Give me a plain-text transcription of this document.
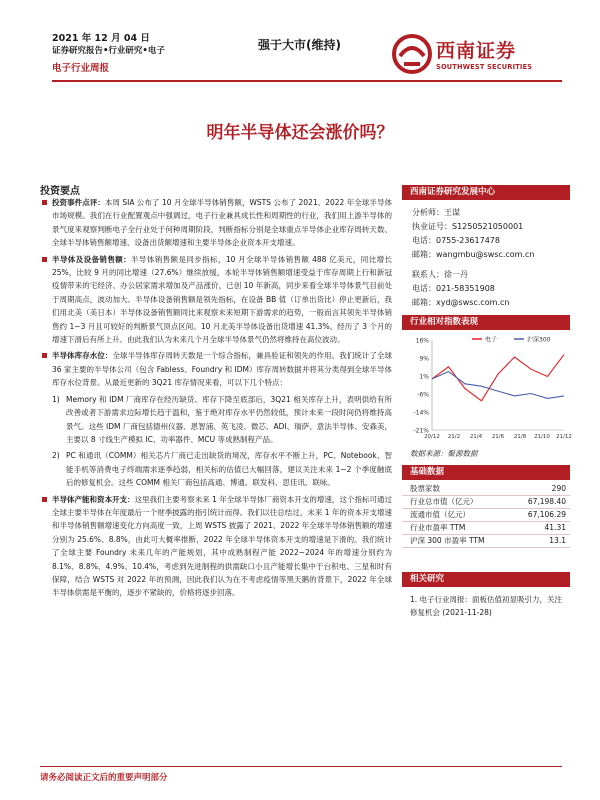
2021 年 12 月 04 日
证券研究报告•行业研究•电子
电子行业周报
强于大市(维持)	西南证券
SOUTHWEST SECURITIES
明年半导体还会涨价吗？
投资要点
投资事件点评：本周 SIA 公布了 10 月全球半导体销售额，WSTS 公布了 2021、2022 年全球半导体市场规模。我们在行业配置观点中强调过，电子行业兼具成长性和周期性的行业，我们用上游半导体的景气度来观察判断电子全行业处于何种周期阶段，判断指标分别是全球重点半导体企业库存周转天数、全球半导体销售额增速、设备出货额增速和主要半导体企业资本开支增速。
半导体及设备销售额：半导体销售额是同步指标，10 月全球半导体销售额 488 亿美元，同比增长 25%，比较 9 月的同比增速（27.6%）继续放缓，本轮半导体销售额增速受益于库存周期上行和新冠疫情带来的宅经济、办公居家需求增加及产品涨价，已创 10 年新高，同步来看全球半导体景气目前处于周期高点，波动加大。半导体设备销售额是领先指标，在设备 BB 值（订单出货比）停止更新后，我们用北美（美日本）半导体设备销售额同比来观察未来短期下游需求的趋势，一般而言其领先半导体销售约 1~3 月且可较好的判断景气顶点区间。10 月北美半导体设备出货增速 41.3%。经历了 3 个月的增速下滑后有所上升。由此我们认为未来几个月全球半导体景气仍然将维持在高位波动。
半导体库存水位：全球半导体库存周转天数是一个综合指标，兼具验证和领先的作用。我们统计了全球 36 家主要的半导体公司（包含 Fabless、Foundry 和 IDM）库存周转数据并将其分类得到全球半导体库存水位背景。从最近更新的 3Q21 库存情况来看，可以下几个特点：
1) Memory 和 IDM 厂商库存在经历缺货、库存下降至底部后，3Q21 相关库存上升，表明供给有所改善或者下游需求边际增长趋于温和，鉴于绝对库存水平仍然较低，预计未来一段时间仍将维持高景气。这些 IDM 厂商包括德州仪器、恩智浦、英飞凌、微芯、ADI、瑞萨、意法半导体、安森美，主要以 8 寸线生产模拟 IC、功率器件、MCU 等成熟制程产品。
2) PC 和通讯（COMM）相关芯片厂商已走出缺货的境况，库存水平不断上升，PC、Notebook、智能手机等消费电子终端需求逐季趋弱，相关标的估值已大幅回落，建议关注未来 1~2 个季度触底后的修复机会。这些 COMM 相关厂商包括高通、博通、联发科、思佳讯、联咏。
半导体产能和资本开支：这里我们主要考察未来 1 年全球半导体厂商资本开支的增速，这个指标可通过全球主要半导体在年度最后一个财季披露的指引统计而得。我们以往总结过，未来 1 年的资本开支增速和半导体销售额增速变化方向高度一致，上周 WSTS 披露了 2021、2022 年全球半导体销售额的增速分别为 25.6%、8.8%，由此可大概率推断，2022 年全球半导体资本开支的增速是下滑的。我们统计了全球主要 Foundry 未来几年的产能规划，其中成熟制程产能 2022~2024 年的增速分别约为 8.1%、8.8%、4.9%、10.4%，考虑到先进制程的供需缺口小且产能增长集中于台积电、三星和时有保障，结合 WSTS 对 2022 年的预测，因此我们认为在不考虑疫情等黑天鹅的背景下，2022 年全球半导体供需是平衡的，逐步不紧缺的，价格将逐步回落。
西南证券研究发展中心
分析师：王谋
执业证号：S1250521050001
电话：0755-23617478
邮箱：wangmbu@swsc.com.cn
联系人：徐一丹
电话：021-58351908
邮箱：xyd@swsc.com.cn
行业相对指数表现
16%
9%
1%
-6%
-14%
-21%
20/12 21/2 21/4 21/6 21/8 21/10 21/12
电子	沪深300
数据来源：聚源数据
基础数据
股票家数	290
行业总市值（亿元）	67,198.40
流通市值（亿元）	67,106.29
行业市盈率 TTM	41.31
沪深 300 市盈率 TTM	13.1
相关研究
1. 电子行业周报：面板估值初显吸引力，关注修复机会 (2021-11-28)
请务必阅读正文后的重要声明部分
